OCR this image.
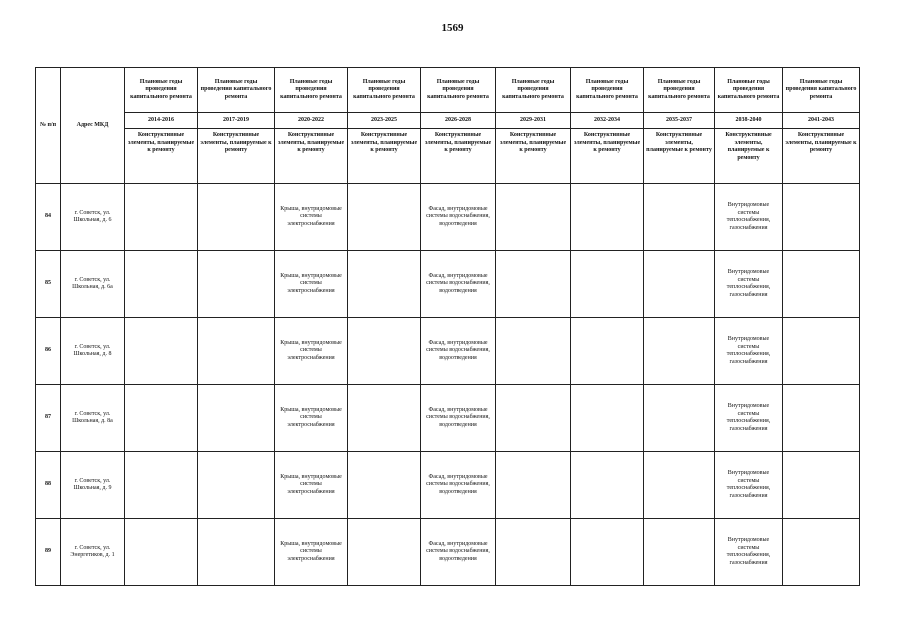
1569
№ п/п	Адрес МКД	Плановые годы проведения капитального ремонта	Плановые годы проведения капитального ремонта	Плановые годы проведения капитального ремонта	Плановые годы проведения капитального ремонта	Плановые годы проведения капитального ремонта	Плановые годы проведения капитального ремонта	Плановые годы проведения капитального ремонта	Плановые годы проведения капитального ремонта	Плановые годы проведения капитального ремонта	Плановые годы проведения капитального ремонта
		2014-2016	2017-2019	2020-2022	2023-2025	2026-2028	2029-2031	2032-2034	2035-2037	2038-2040	2041-2043
		Конструктивные элементы, планируемые к ремонту	Конструктивные элементы, планируемые к ремонту	Конструктивные элементы, планируемые к ремонту	Конструктивные элементы, планируемые к ремонту	Конструктивные элементы, планируемые к ремонту	Конструктивные элементы, планируемые к ремонту	Конструктивные элементы, планируемые к ремонту	Конструктивные элементы, планируемые к ремонту	Конструктивные элементы, планируемые к ремонту	Конструктивные элементы, планируемые к ремонту
84	г. Советск, ул. Школьная, д. 6			Крыша, внутридомовые системы электроснабжения		Фасад, внутридомовые системы водоснабжения, водоотведения				Внутридомовые системы теплоснабжения, газоснабжения	
85	г. Советск, ул. Школьная, д. 6а			Крыша, внутридомовые системы электроснабжения		Фасад, внутридомовые системы водоснабжения, водоотведения				Внутридомовые системы теплоснабжения, газоснабжения	
86	г. Советск, ул. Школьная, д. 8			Крыша, внутридомовые системы электроснабжения		Фасад, внутридомовые системы водоснабжения, водоотведения				Внутридомовые системы теплоснабжения, газоснабжения	
87	г. Советск, ул. Школьная, д. 8а			Крыша, внутридомовые системы электроснабжения		Фасад, внутридомовые системы водоснабжения, водоотведения				Внутридомовые системы теплоснабжения, газоснабжения	
88	г. Советск, ул. Школьная, д. 9			Крыша, внутридомовые системы электроснабжения		Фасад, внутридомовые системы водоснабжения, водоотведения				Внутридомовые системы теплоснабжения, газоснабжения	
89	г. Советск, ул. Энергетиков, д. 1			Крыша, внутридомовые системы электроснабжения		Фасад, внутридомовые системы водоснабжения, водоотведения				Внутридомовые системы теплоснабжения, газоснабжения	
